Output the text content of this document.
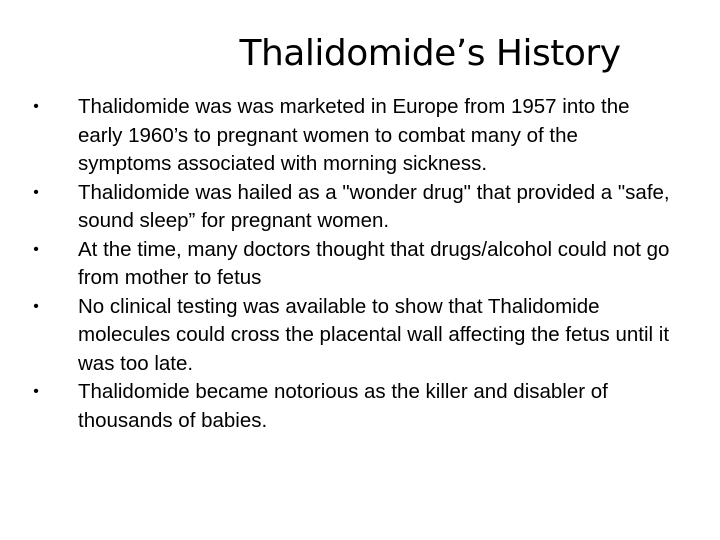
Thalidomide’s History
• Thalidomide was was marketed in Europe from 1957 into the early 1960’s to pregnant women to combat many of the symptoms associated with morning sickness.
• Thalidomide was hailed as a "wonder drug" that provided a "safe, sound sleep” for pregnant women.
• At the time, many doctors thought that drugs/alcohol could not go from mother to fetus
• No clinical testing was available to show that Thalidomide molecules could cross the placental wall affecting the fetus until it was too late.
• Thalidomide became notorious as the killer and disabler of thousands of babies.
